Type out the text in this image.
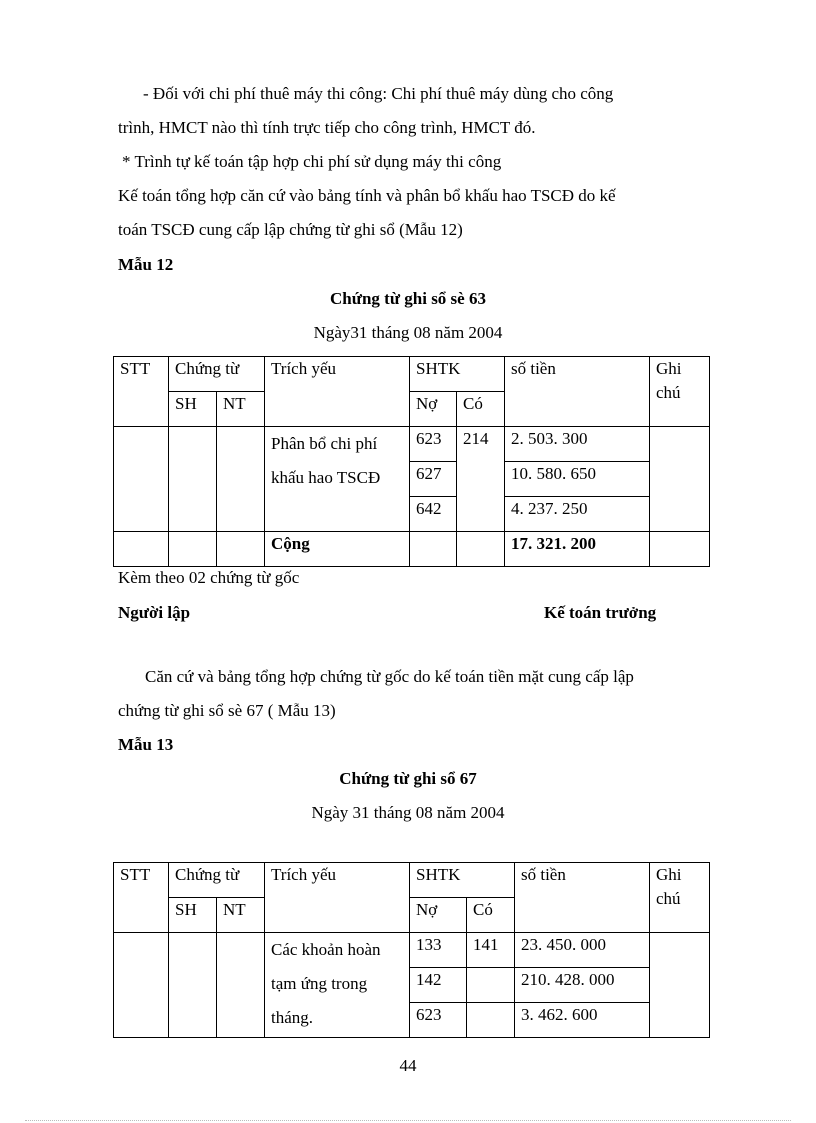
- Đối với chi phí thuê máy thi công: Chi phí thuê máy dùng cho công
trình, HMCT nào thì tính trực tiếp cho công trình, HMCT đó.
* Trình tự kế toán tập hợp chi phí sử dụng máy thi công
Kế toán tổng hợp căn cứ vào bảng tính và phân bổ khấu hao TSCĐ do kế
toán TSCĐ cung cấp lập chứng từ ghi sổ (Mẫu 12)
Mẫu 12
Chứng từ ghi sổ sè 63
Ngày31 tháng 08 năm 2004
STT	Chứng từ		Trích yếu	SHTK		số tiền	Ghi
chú
	SH	NT		Nợ	Có		
			Phân bổ chi phí
khấu hao TSCĐ	623	214	2. 503. 300	
				627		10. 580. 650	
				642		4. 237. 250	
			Cộng			17. 321. 200	
Kèm theo 02 chứng từ gốc
Người lập	Kế toán trưởng
Căn cứ và bảng tổng hợp chứng từ gốc do kế toán tiền mặt cung cấp lập
chứng từ ghi sổ sè 67 ( Mẫu 13)
Mẫu 13
Chứng từ ghi sổ 67
Ngày 31 tháng 08 năm 2004
STT	Chứng từ		Trích yếu	SHTK		số tiền	Ghi
chú
	SH	NT		Nợ	Có		
			Các khoản hoàn
tạm ứng trong
tháng.	133	141	23. 450. 000	
				142		210. 428. 000	
				623		3. 462. 600	
44
